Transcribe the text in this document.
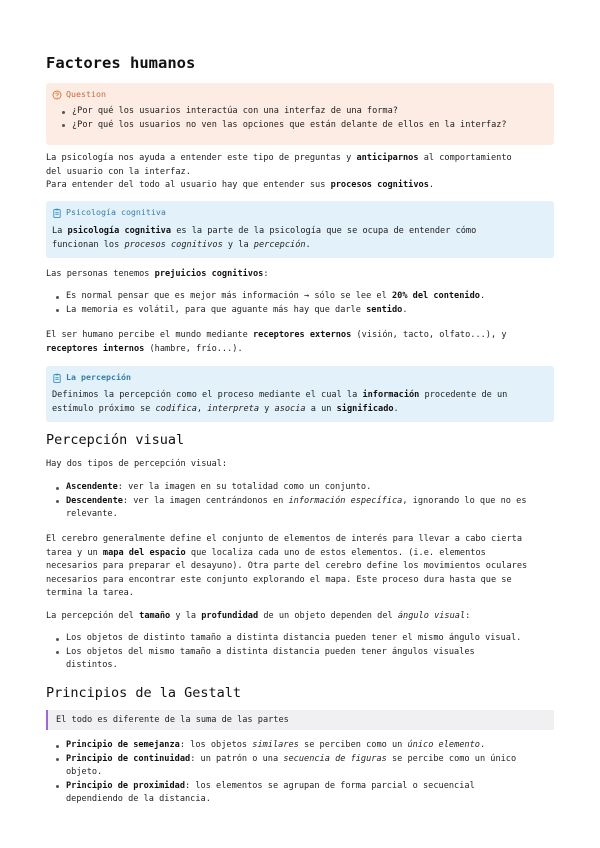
Factores humanos
Question
¿Por qué los usuarios interactúa con una interfaz de una forma?
¿Por qué los usuarios no ven las opciones que están delante de ellos en la interfaz?
La psicología nos ayuda a entender este tipo de preguntas y anticiparnos al comportamiento
del usuario con la interfaz.
Para entender del todo al usuario hay que entender sus procesos cognitivos.
Psicología cognitiva
La psicología cognitiva es la parte de la psicología que se ocupa de entender cómo
funcionan los procesos cognitivos y la percepción.
Las personas tenemos prejuicios cognitivos:
Es normal pensar que es mejor más información → sólo se lee el 20% del contenido.
La memoria es volátil, para que aguante más hay que darle sentido.
El ser humano percibe el mundo mediante receptores externos (visión, tacto, olfato...), y
receptores internos (hambre, frío...).
La percepción
Definimos la percepción como el proceso mediante el cual la información procedente de un
estímulo próximo se codifica, interpreta y asocia a un significado.
Percepción visual
Hay dos tipos de percepción visual:
Ascendente: ver la imagen en su totalidad como un conjunto.
Descendente: ver la imagen centrándonos en información específica, ignorando lo que no es
relevante.
El cerebro generalmente define el conjunto de elementos de interés para llevar a cabo cierta
tarea y un mapa del espacio que localiza cada uno de estos elementos. (i.e. elementos
necesarios para preparar el desayuno). Otra parte del cerebro define los movimientos oculares
necesarios para encontrar este conjunto explorando el mapa. Este proceso dura hasta que se
termina la tarea.
La percepción del tamaño y la profundidad de un objeto dependen del ángulo visual:
Los objetos de distinto tamaño a distinta distancia pueden tener el mismo ángulo visual.
Los objetos del mismo tamaño a distinta distancia pueden tener ángulos visuales
distintos.
Principios de la Gestalt
El todo es diferente de la suma de las partes
Principio de semejanza: los objetos similares se perciben como un único elemento.
Principio de continuidad: un patrón o una secuencia de figuras se percibe como un único
objeto.
Principio de proximidad: los elementos se agrupan de forma parcial o secuencial
dependiendo de la distancia.
